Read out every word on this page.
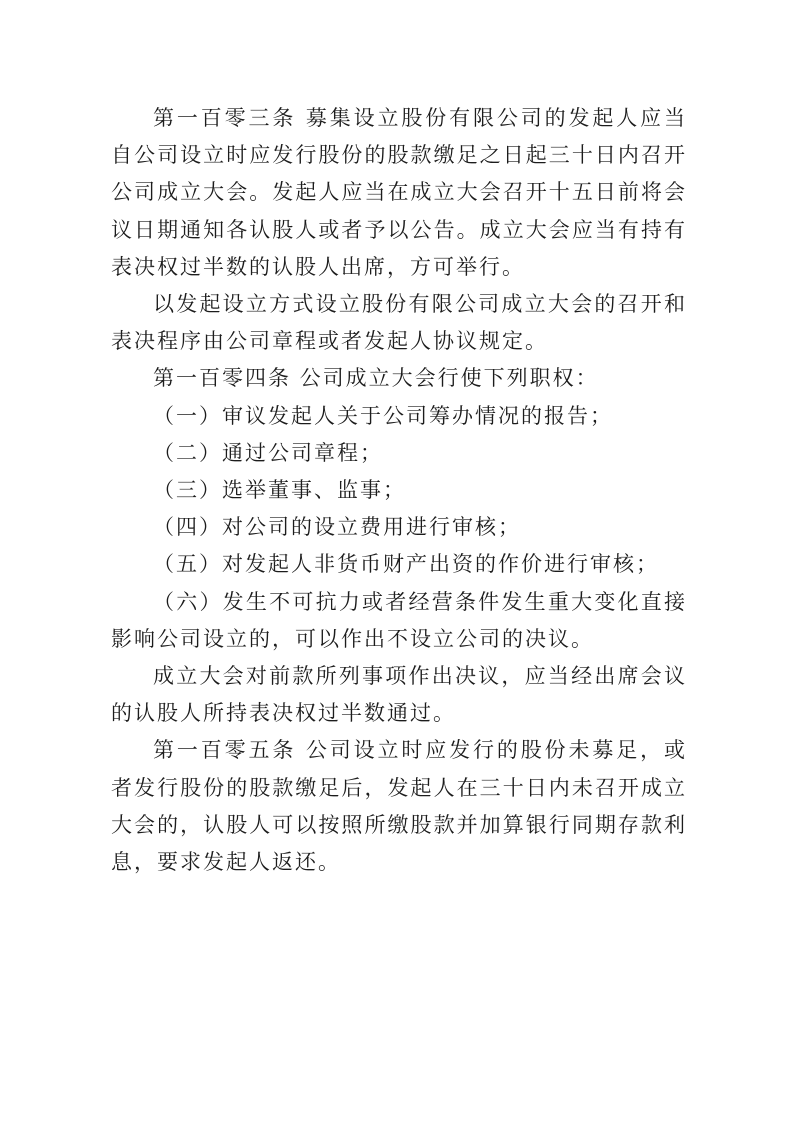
第一百零三条 募集设立股份有限公司的发起人应当自公司设立时应发行股份的股款缴足之日起三十日内召开公司成立大会。发起人应当在成立大会召开十五日前将会议日期通知各认股人或者予以公告。成立大会应当有持有表决权过半数的认股人出席，方可举行。

以发起设立方式设立股份有限公司成立大会的召开和表决程序由公司章程或者发起人协议规定。

第一百零四条 公司成立大会行使下列职权：

（一）审议发起人关于公司筹办情况的报告；

（二）通过公司章程；

（三）选举董事、监事；

（四）对公司的设立费用进行审核；

（五）对发起人非货币财产出资的作价进行审核；

（六）发生不可抗力或者经营条件发生重大变化直接影响公司设立的，可以作出不设立公司的决议。

成立大会对前款所列事项作出决议，应当经出席会议的认股人所持表决权过半数通过。

第一百零五条 公司设立时应发行的股份未募足，或者发行股份的股款缴足后，发起人在三十日内未召开成立大会的，认股人可以按照所缴股款并加算银行同期存款利息，要求发起人返还。
